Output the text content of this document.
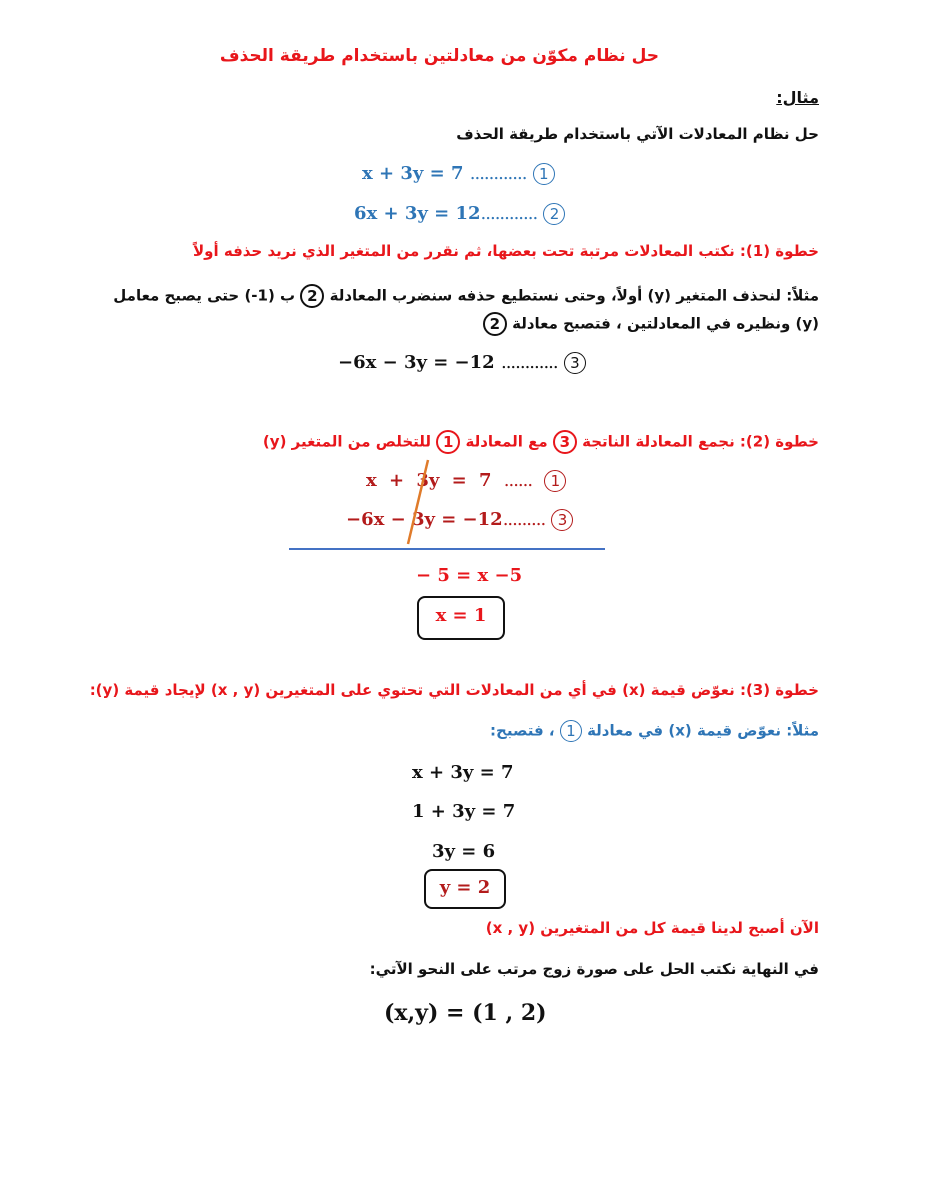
حل نظام مكوّن من معادلتين باستخدام طريقة الحذف
مثال:
حل نظام المعادلات الآتي باستخدام طريقة الحذف
x + 3y = 7 ............ 1
6x + 3y = 12............ 2
خطوة (1): نكتب المعادلات مرتبة تحت بعضها، ثم نقرر من المتغير الذي نريد حذفه أولاً
مثلاً: لنحذف المتغير (y) أولاً، وحتى نستطيع حذفه سنضرب المعادلة 2 ب (1-) حتى يصبح معامل
(y) ونظيره في المعادلتين ، فتصبح معادلة 2
−6x − 3y = −12 ............ 3
خطوة (2): نجمع المعادلة الناتجة 3 مع المعادلة 1 للتخلص من المتغير (y)
x + 3y = 7 ...... 1
−6x − 3y = −12......... 3
− 5 = x −5
x = 1
خطوة (3): نعوّض قيمة (x) في أي من المعادلات التي تحتوي على المتغيرين (x , y) لإيجاد قيمة (y):
مثلاً: نعوّض قيمة (x) في معادلة 1 ، فتصبح:
x + 3y = 7
1 + 3y = 7
3y = 6
y = 2
الآن أصبح لدينا قيمة كل من المتغيرين (x , y)
في النهاية نكتب الحل على صورة زوج مرتب على النحو الآتي:
(x,y) = (1 , 2)
